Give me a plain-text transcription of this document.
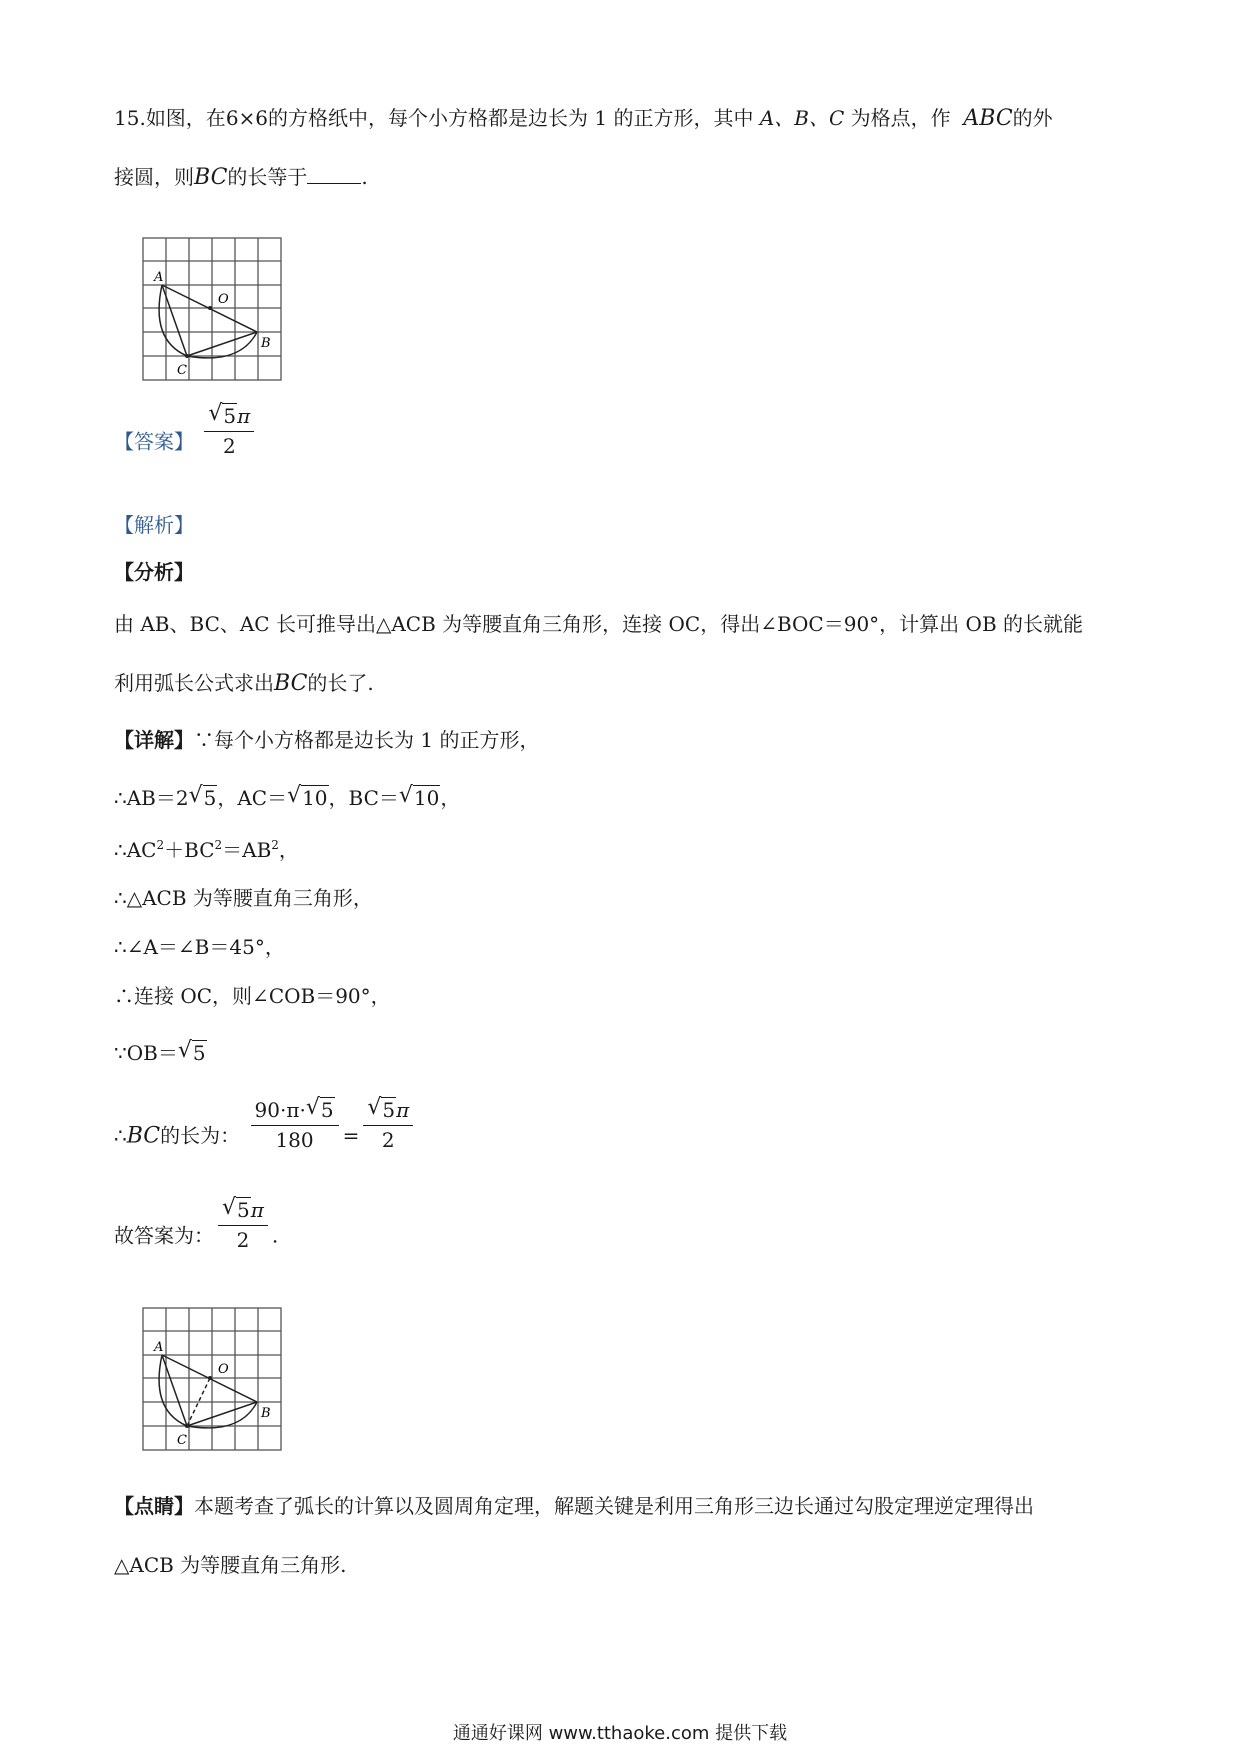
15.如图，在6×6的方格纸中，每个小方格都是边长为 1 的正方形，其中 A、B、C 为格点，作 ABC的外
接圆，则BC的长等于	.
A
O
B
C
【答案】 √ $\frac{5\pi}{2}$
【解析】
【分析】
由 AB、BC、AC 长可推导出△ACB 为等腰直角三角形，连接 OC，得出∠BOC＝90°，计算出 OB 的长就能
利用弧长公式求出BC的长了.
【详解】∵每个小方格都是边长为 1 的正方形，
∴AB＝2 √ 5，AC＝ √ 10，BC＝ √ 10，
$\therefore AC^2+BC^2=AB^2$，
∴△ACB 为等腰直角三角形，
∴∠A＝∠B＝45°，
∴连接 OC，则∠COB＝90°，
∵OB＝ √ 5
∴BC的长为： $\frac{90\cdot\pi\cdot √ 5}{180}$ = √ $\frac{5\pi}{2}$
故答案为： √ $\frac{5\pi}{2}$ .
A
O
B
C
【点睛】本题考查了弧长的计算以及圆周角定理，解题关键是利用三角形三边长通过勾股定理逆定理得出
△ACB 为等腰直角三角形.
通通好课网 www.tthaoke.com 提供下载
